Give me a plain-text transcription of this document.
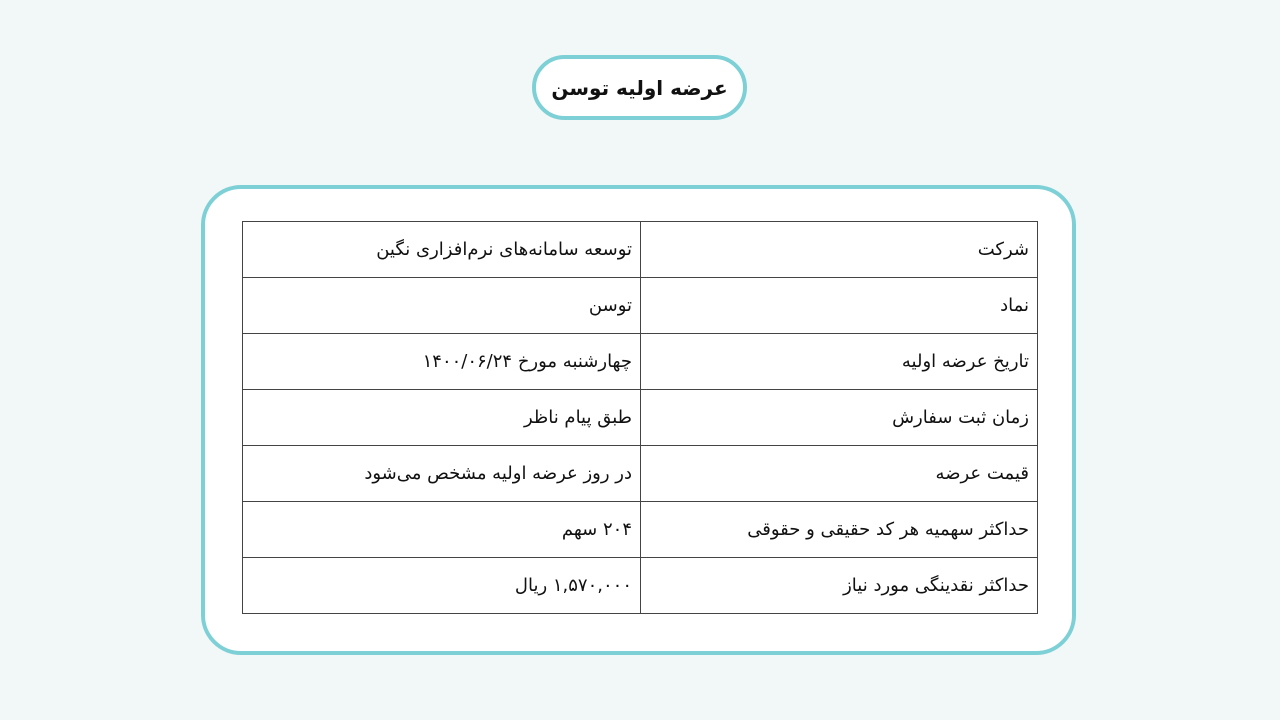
عرضه اولیه توسن
شرکت	توسعه سامانه‌های نرم‌افزاری نگین
نماد	توسن
تاریخ عرضه اولیه	چهارشنبه مورخ ۱۴۰۰/۰۶/۲۴
زمان ثبت سفارش	طبق پیام ناظر
قیمت عرضه	در روز عرضه اولیه مشخص می‌شود
حداکثر سهمیه هر کد حقیقی و حقوقی	۲۰۴ سهم
حداکثر نقدینگی مورد نیاز	۱,۵۷۰,۰۰۰ ریال
